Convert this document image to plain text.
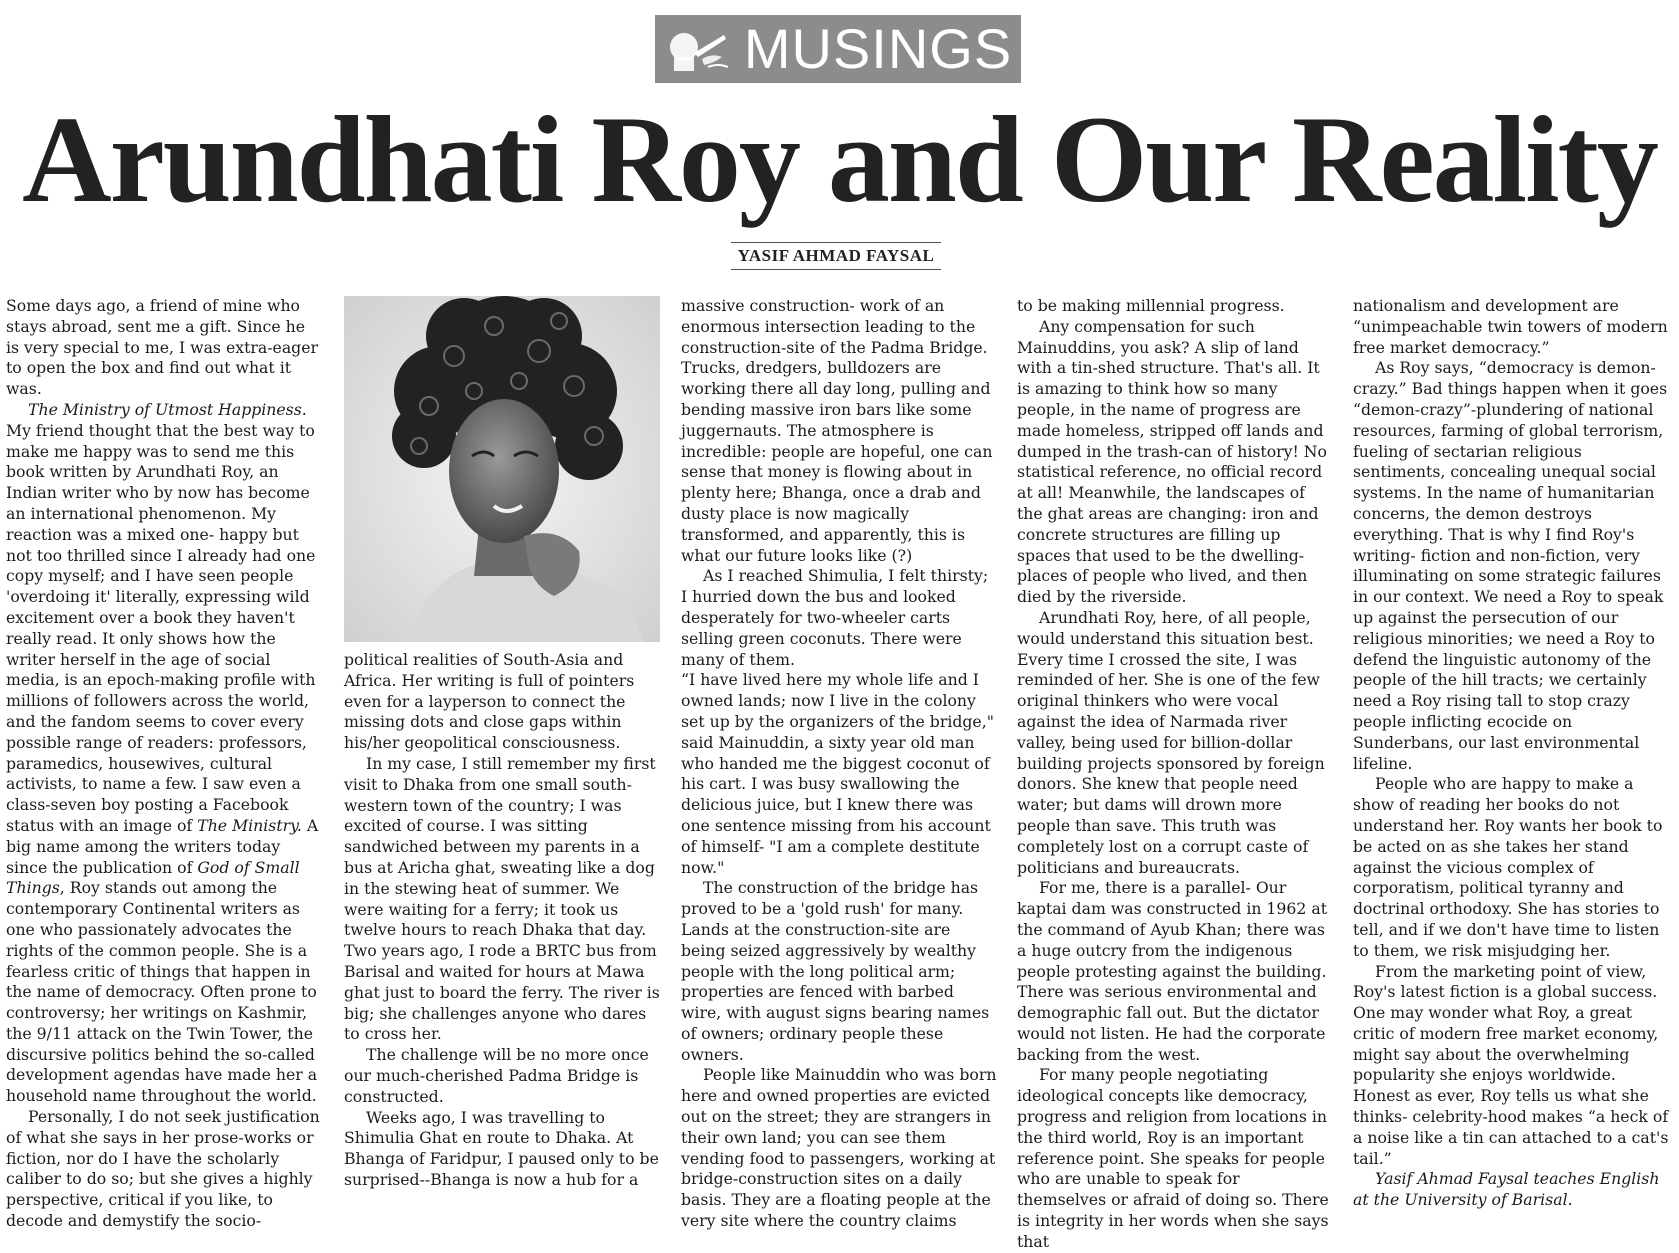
MUSINGS
Arundhati Roy and Our Reality
YASIF AHMAD FAYSAL

Some days ago, a friend of mine who stays abroad, sent me a gift. Since he is very special to me, I was extra-eager to open the box and find out what it was.

The Ministry of Utmost Happiness. My friend thought that the best way to make me happy was to send me this book written by Arundhati Roy, an Indian writer who by now has become an international phenomenon. My reaction was a mixed one- happy but not too thrilled since I already had one copy myself; and I have seen people 'overdoing it' literally, expressing wild excitement over a book they haven't really read. It only shows how the writer herself in the age of social media, is an epoch-making profile with millions of followers across the world, and the fandom seems to cover every possible range of readers: professors, paramedics, housewives, cultural activists, to name a few. I saw even a class-seven boy posting a Facebook status with an image of The Ministry. A big name among the writers today since the publication of God of Small Things, Roy stands out among the contemporary Continental writers as one who passionately advocates the rights of the common people. She is a fearless critic of things that happen in the name of democracy. Often prone to controversy; her writings on Kashmir, the 9/11 attack on the Twin Tower, the discursive politics behind the so-called development agendas have made her a household name throughout the world.

Personally, I do not seek justification of what she says in her prose-works or fiction, nor do I have the scholarly caliber to do so; but she gives a highly perspective, critical if you like, to decode and demystify the socio-

political realities of South-Asia and Africa. Her writing is full of pointers even for a layperson to connect the missing dots and close gaps within his/her geopolitical consciousness.

In my case, I still remember my first visit to Dhaka from one small south-western town of the country; I was excited of course. I was sitting sandwiched between my parents in a bus at Aricha ghat, sweating like a dog in the stewing heat of summer. We were waiting for a ferry; it took us twelve hours to reach Dhaka that day. Two years ago, I rode a BRTC bus from Barisal and waited for hours at Mawa ghat just to board the ferry. The river is big; she challenges anyone who dares to cross her.

The challenge will be no more once our much-cherished Padma Bridge is constructed.

Weeks ago, I was travelling to Shimulia Ghat en route to Dhaka. At Bhanga of Faridpur, I paused only to be surprised--Bhanga is now a hub for a

massive construction- work of an enormous intersection leading to the construction-site of the Padma Bridge. Trucks, dredgers, bulldozers are working there all day long, pulling and bending massive iron bars like some juggernauts. The atmosphere is incredible: people are hopeful, one can sense that money is flowing about in plenty here; Bhanga, once a drab and dusty place is now magically transformed, and apparently, this is what our future looks like (?)

As I reached Shimulia, I felt thirsty; I hurried down the bus and looked desperately for two-wheeler carts selling green coconuts. There were many of them.

“I have lived here my whole life and I owned lands; now I live in the colony set up by the organizers of the bridge," said Mainuddin, a sixty year old man who handed me the biggest coconut of his cart. I was busy swallowing the delicious juice, but I knew there was one sentence missing from his account of himself- "I am a complete destitute now."

The construction of the bridge has proved to be a 'gold rush' for many. Lands at the construction-site are being seized aggressively by wealthy people with the long political arm; properties are fenced with barbed wire, with august signs bearing names of owners; ordinary people these owners.

People like Mainuddin who was born here and owned properties are evicted out on the street; they are strangers in their own land; you can see them vending food to passengers, working at bridge-construction sites on a daily basis. They are a floating people at the very site where the country claims

to be making millennial progress.

Any compensation for such Mainuddins, you ask? A slip of land with a tin-shed structure. That's all. It is amazing to think how so many people, in the name of progress are made homeless, stripped off lands and dumped in the trash-can of history! No statistical reference, no official record at all! Meanwhile, the landscapes of the ghat areas are changing: iron and concrete structures are filling up spaces that used to be the dwelling-places of people who lived, and then died by the riverside.

Arundhati Roy, here, of all people, would understand this situation best. Every time I crossed the site, I was reminded of her. She is one of the few original thinkers who were vocal against the idea of Narmada river valley, being used for billion-dollar building projects sponsored by foreign donors. She knew that people need water; but dams will drown more people than save. This truth was completely lost on a corrupt caste of politicians and bureaucrats.

For me, there is a parallel- Our kaptai dam was constructed in 1962 at the command of Ayub Khan; there was a huge outcry from the indigenous people protesting against the building. There was serious environmental and demographic fall out. But the dictator would not listen. He had the corporate backing from the west.

For many people negotiating ideological concepts like democracy, progress and religion from locations in the third world, Roy is an important reference point. She speaks for people who are unable to speak for themselves or afraid of doing so. There is integrity in her words when she says that

nationalism and development are “unimpeachable twin towers of modern free market democracy.”

As Roy says, “democracy is demon-crazy.” Bad things happen when it goes “demon-crazy”-plundering of national resources, farming of global terrorism, fueling of sectarian religious sentiments, concealing unequal social systems. In the name of humanitarian concerns, the demon destroys everything. That is why I find Roy's writing- fiction and non-fiction, very illuminating on some strategic failures in our context. We need a Roy to speak up against the persecution of our religious minorities; we need a Roy to defend the linguistic autonomy of the people of the hill tracts; we certainly need a Roy rising tall to stop crazy people inflicting ecocide on Sunderbans, our last environmental lifeline.

People who are happy to make a show of reading her books do not understand her. Roy wants her book to be acted on as she takes her stand against the vicious complex of corporatism, political tyranny and doctrinal orthodoxy. She has stories to tell, and if we don't have time to listen to them, we risk misjudging her.

From the marketing point of view, Roy's latest fiction is a global success. One may wonder what Roy, a great critic of modern free market economy, might say about the overwhelming popularity she enjoys worldwide. Honest as ever, Roy tells us what she thinks- celebrity-hood makes “a heck of a noise like a tin can attached to a cat's tail.”

Yasif Ahmad Faysal teaches English at the University of Barisal.
